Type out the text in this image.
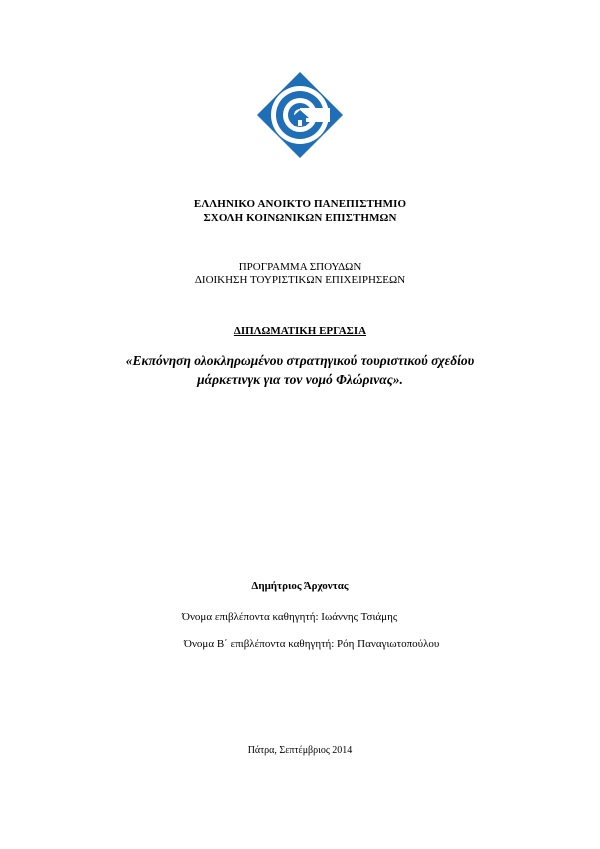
ΕΛΛΗΝΙΚΟ ΑΝΟΙΚΤΟ ΠΑΝΕΠΙΣΤΗΜΙΟ
ΣΧΟΛΗ ΚΟΙΝΩΝΙΚΩΝ ΕΠΙΣΤΗΜΩΝ
ΠΡΟΓΡΑΜΜΑ ΣΠΟΥΔΩΝ
ΔΙΟΙΚΗΣΗ ΤΟΥΡΙΣΤΙΚΩΝ ΕΠΙΧΕΙΡΗΣΕΩΝ
ΔΙΠΛΩΜΑΤΙΚΗ ΕΡΓΑΣΙΑ
«Εκπόνηση ολοκληρωμένου στρατηγικού τουριστικού σχεδίου
μάρκετινγκ για τον νομό Φλώρινας».
Δημήτριος Άρχοντας
Όνομα επιβλέποντα καθηγητή: Ιωάννης Τσιάμης
Όνομα Β΄ επιβλέποντα καθηγητή: Ρόη Παναγιωτοπούλου
Πάτρα, Σεπτέμβριος 2014
